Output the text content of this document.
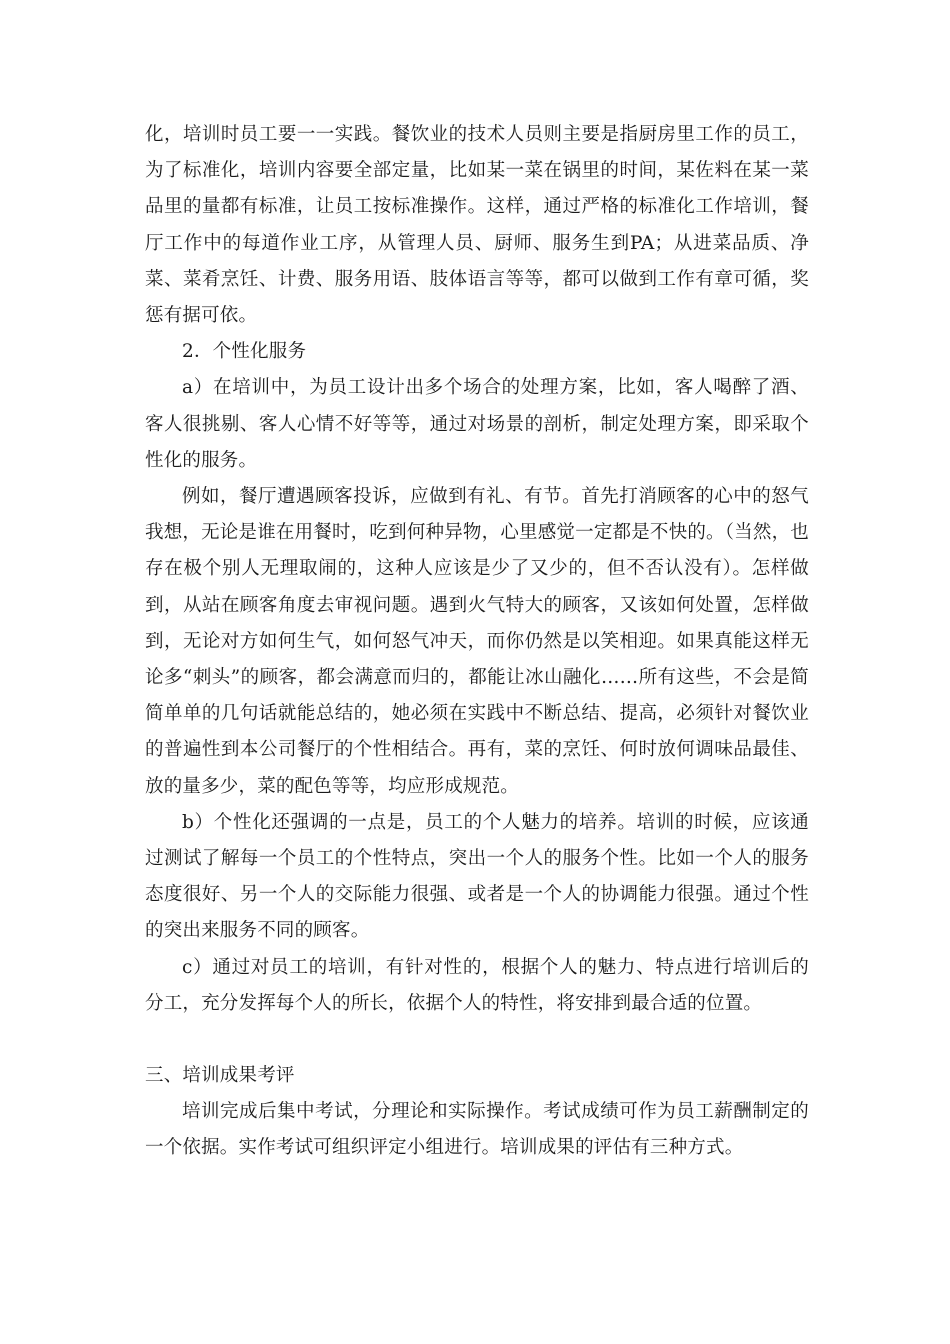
化，培训时员工要一一实践。餐饮业的技术人员则主要是指厨房里工作的员工，为了标准化，培训内容要全部定量，比如某一菜在锅里的时间，某佐料在某一菜品里的量都有标准，让员工按标准操作。这样，通过严格的标准化工作培训，餐厅工作中的每道作业工序，从管理人员、厨师、服务生到PA；从进菜品质、净菜、菜肴烹饪、计费、服务用语、肢体语言等等，都可以做到工作有章可循，奖惩有据可依。

2．个性化服务

a）在培训中，为员工设计出多个场合的处理方案，比如，客人喝醉了酒、客人很挑剔、客人心情不好等等，通过对场景的剖析，制定处理方案，即采取个性化的服务。

例如，餐厅遭遇顾客投诉，应做到有礼、有节。首先打消顾客的心中的怒气我想，无论是谁在用餐时，吃到何种异物，心里感觉一定都是不快的。（当然，也存在极个别人无理取闹的，这种人应该是少了又少的，但不否认没有）。怎样做到，从站在顾客角度去审视问题。遇到火气特大的顾客，又该如何处置，怎样做到，无论对方如何生气，如何怒气冲天，而你仍然是以笑相迎。如果真能这样无论多“刺头”的顾客，都会满意而归的，都能让冰山融化……所有这些，不会是简简单单的几句话就能总结的，她必须在实践中不断总结、提高，必须针对餐饮业的普遍性到本公司餐厅的个性相结合。再有，菜的烹饪、何时放何调味品最佳、放的量多少，菜的配色等等，均应形成规范。

b）个性化还强调的一点是，员工的个人魅力的培养。培训的时候，应该通过测试了解每一个员工的个性特点，突出一个人的服务个性。比如一个人的服务态度很好、另一个人的交际能力很强、或者是一个人的协调能力很强。通过个性的突出来服务不同的顾客。

c）通过对员工的培训，有针对性的，根据个人的魅力、特点进行培训后的分工，充分发挥每个人的所长，依据个人的特性，将安排到最合适的位置。

三、培训成果考评

培训完成后集中考试，分理论和实际操作。考试成绩可作为员工薪酬制定的一个依据。实作考试可组织评定小组进行。培训成果的评估有三种方式。
